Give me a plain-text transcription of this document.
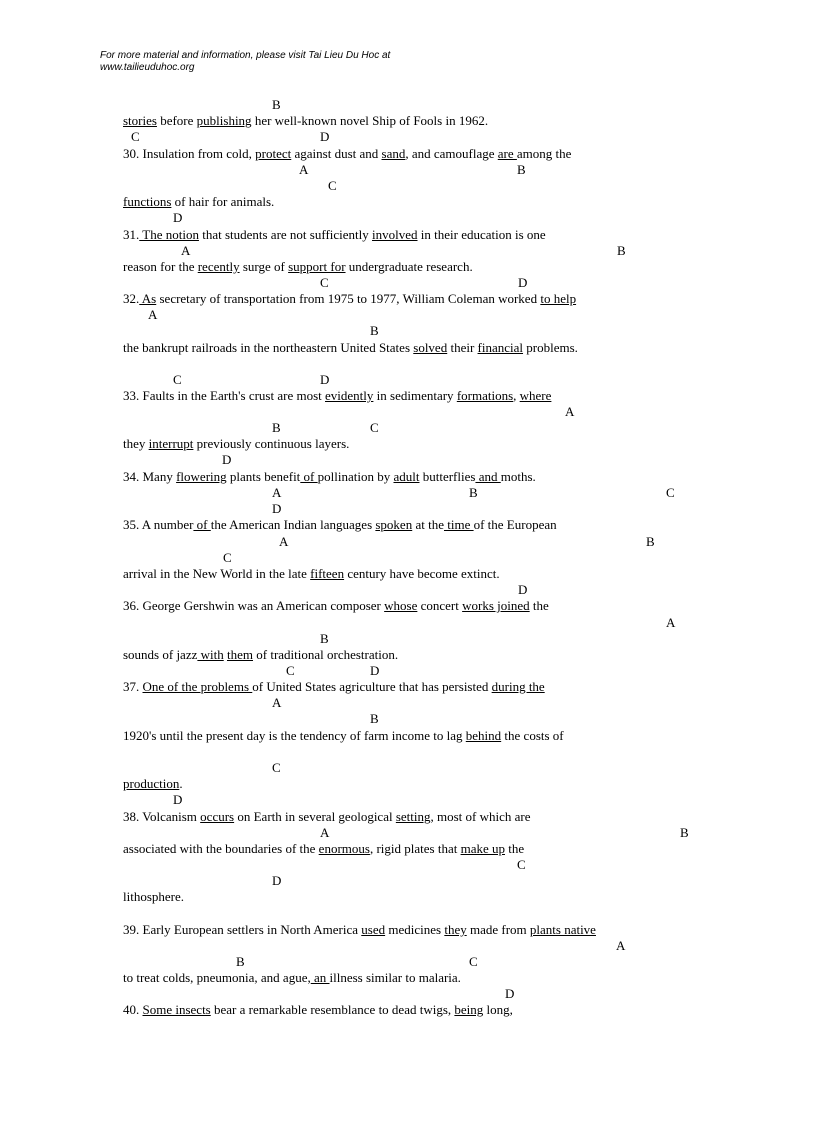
For more material and information, please visit Tai Lieu Du Hoc at
www.tailieuduhoc.org
B
stories before publishing her well-known novel Ship of Fools in 1962.
C	D
30. Insulation from cold, protect against dust and sand, and camouflage are among the
A	B
C
functions of hair for animals.
D
31. The notion that students are not sufficiently involved in their education is one
A	B
reason for the recently surge of support for undergraduate research.
C	D
32. As secretary of transportation from 1975 to 1977, William Coleman worked to help
A
B
the bankrupt railroads in the northeastern United States solved their financial problems.
C	D
33. Faults in the Earth's crust are most evidently in sedimentary formations, where
A
B	C
they interrupt previously continuous layers.
D
34. Many flowering plants benefit of pollination by adult butterflies and moths.
A	B	C
D
35. A number of the American Indian languages spoken at the time of the European
A	B
C
arrival in the New World in the late fifteen century have become extinct.
D
36. George Gershwin was an American composer whose concert works joined the
A
B
sounds of jazz with them of traditional orchestration.
C	D
37. One of the problems of United States agriculture that has persisted during the
A
B
1920's until the present day is the tendency of farm income to lag behind the costs of
C
production.
D
38. Volcanism occurs on Earth in several geological setting, most of which are
A	B
associated with the boundaries of the enormous, rigid plates that make up the
C
D
lithosphere.
39. Early European settlers in North America used medicines they made from plants native
A
B	C
to treat colds, pneumonia, and ague, an illness similar to malaria.
D
40. Some insects bear a remarkable resemblance to dead twigs, being long,
